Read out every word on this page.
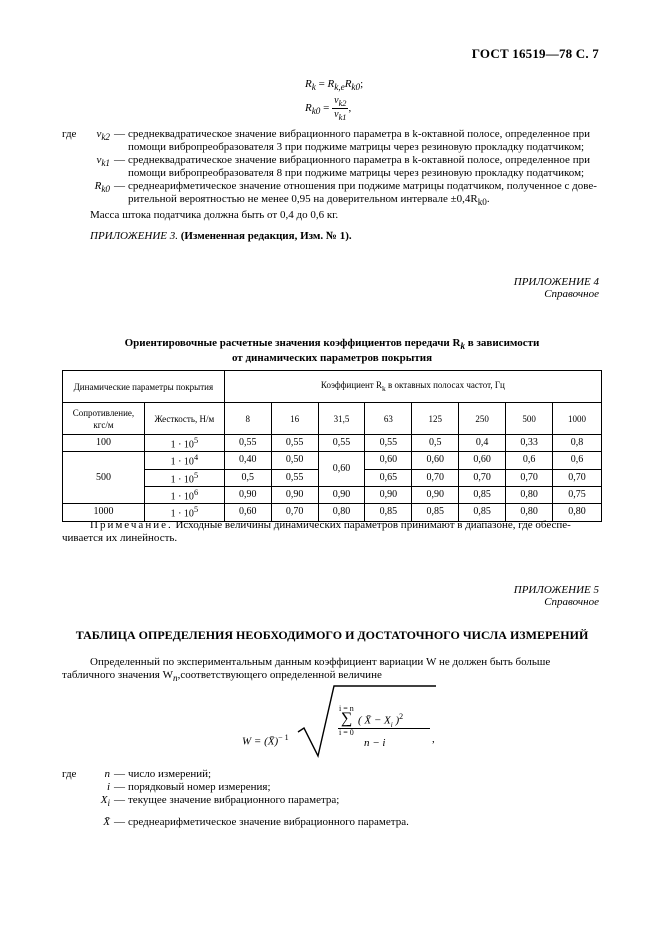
ГОСТ 16519—78 С. 7
$R_k = R_{k,e}R_{k0}$;
$R_{k0} = \frac{v_{k2}}{v_{k1}}$ ,
где $v_{k2}$ — среднеквадратическое значение вибрационного параметра в k-октавной полосе, определенное при
помощи вибропреобразователя 3 при поджиме матрицы через резиновую прокладку податчиком;
$v_{k1}$ — среднеквадратическое значение вибрационного параметра в k-октавной полосе, определенное при
помощи вибропреобразователя 8 при поджиме матрицы через резиновую прокладку податчиком;
$R_{k0}$ — среднеарифметическое значение отношения при поджиме матрицы податчиком, полученное с дове-
рительной вероятностью не менее 0,95 на доверительном интервале $\pm 0,4R_{k0}$.
Масса штока податчика должна быть от 0,4 до 0,6 кг.
ПРИЛОЖЕНИЕ 3. (Измененная редакция, Изм. № 1).
ПРИЛОЖЕНИЕ 4
Справочное
Ориентировочные расчетные значения коэффициентов передачи $R_k$ в зависимости
от динамических параметров покрытия
Динамические параметры покрытия		Коэффициент $R_k$ в октавных полосах частот, Гц							
Сопротивление, кгс/м	Жесткость, Н/м	8	16	31,5	63	125	250	500	1000
100	$1 \cdot 10^5$	0,55	0,55	0,55	0,55	0,5	0,4	0,33	0,8
500	$1 \cdot 10^4$	0,40	0,50	0,60	0,60	0,60	0,60	0,6	0,6
	$1 \cdot 10^5$	0,5	0,55		0,65	0,70	0,70	0,70	0,70
	$1 \cdot 10^6$	0,90	0,90	0,90	0,90	0,90	0,85	0,80	0,75
1000	$1 \cdot 10^5$	0,60	0,70	0,80	0,85	0,85	0,85	0,80	0,80
Примечание. Исходные величины динамических параметров принимают в диапазоне, где обеспе-
чивается их линейность.
ПРИЛОЖЕНИЕ 5
Справочное
ТАБЛИЦА ОПРЕДЕЛЕНИЯ НЕОБХОДИМОГО И ДОСТАТОЧНОГО ЧИСЛА ИЗМЕРЕНИЙ
Определенный по экспериментальным данным коэффициент вариации W не должен быть больше
табличного значения $W_n,соответствующего$ определенной величине
W = (X̄)$^{- 1}$
i = n
∑
i = 0
( X̄ − $X_i$ )$^2$
n − i	,
где	n — число измерений;
i — порядковый номер измерения;
$X_i$ — текущее значение вибрационного параметра;
X̄ — среднеарифметическое значение вибрационного параметра.
